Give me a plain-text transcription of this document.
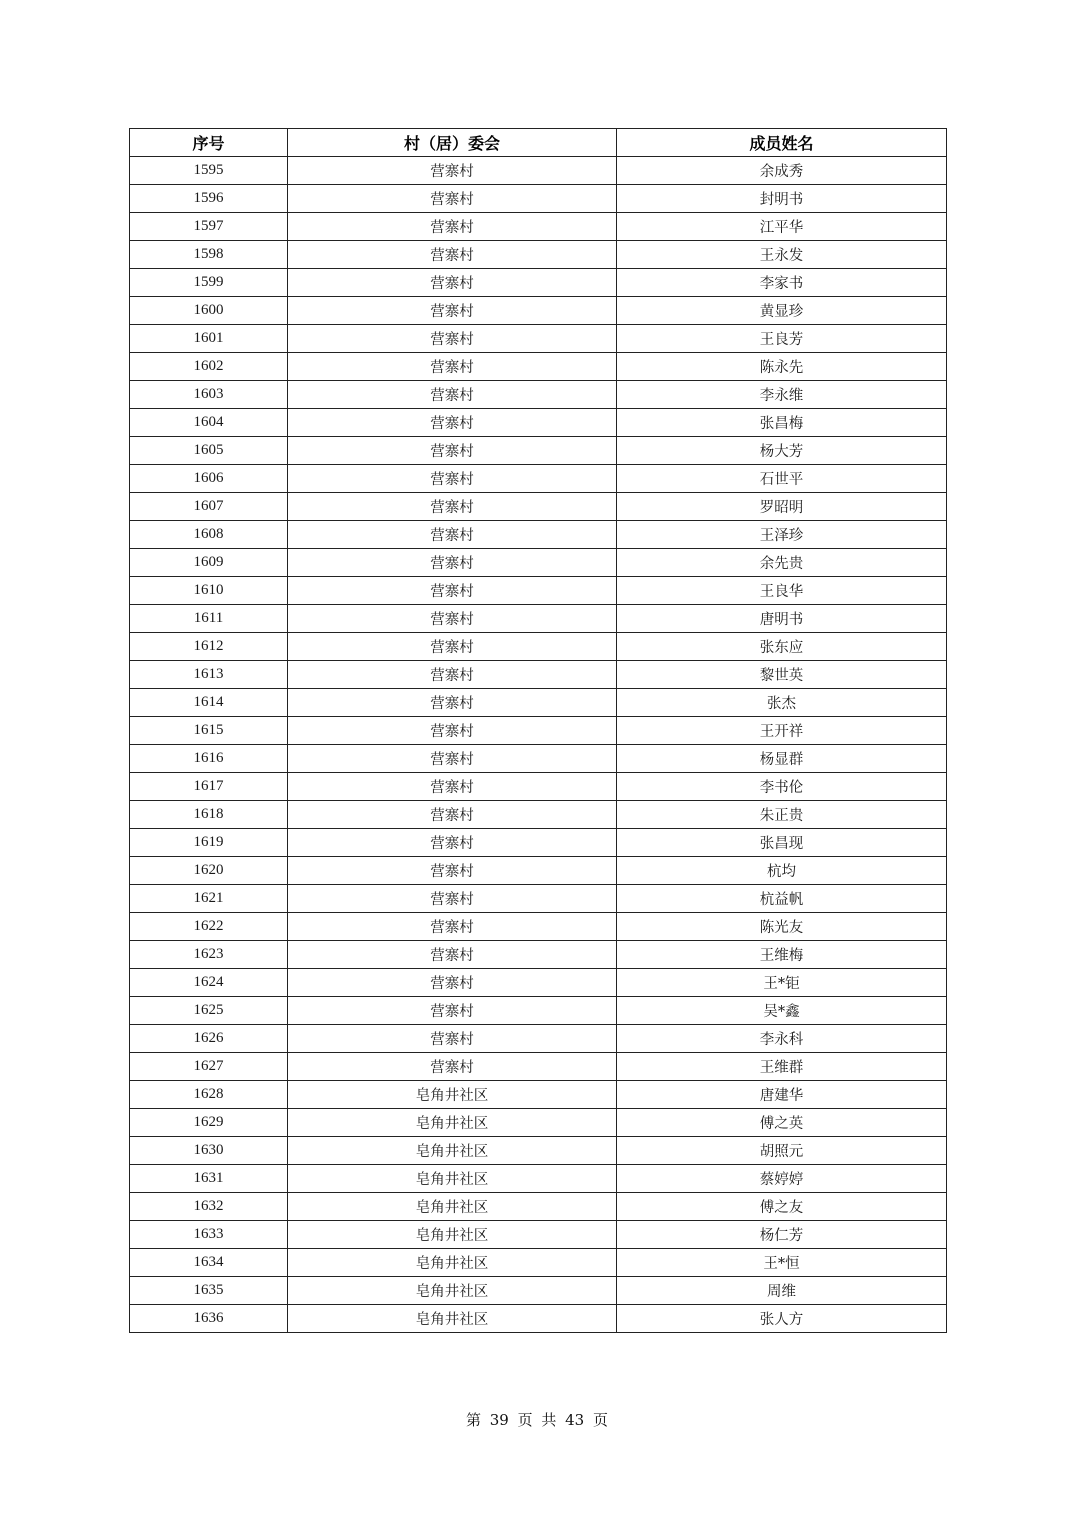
序号	村（居）委会	成员姓名
1595	营寨村	余成秀
1596	营寨村	封明书
1597	营寨村	江平华
1598	营寨村	王永发
1599	营寨村	李家书
1600	营寨村	黄显珍
1601	营寨村	王良芳
1602	营寨村	陈永先
1603	营寨村	李永维
1604	营寨村	张昌梅
1605	营寨村	杨大芳
1606	营寨村	石世平
1607	营寨村	罗昭明
1608	营寨村	王泽珍
1609	营寨村	余先贵
1610	营寨村	王良华
1611	营寨村	唐明书
1612	营寨村	张东应
1613	营寨村	黎世英
1614	营寨村	张杰
1615	营寨村	王开祥
1616	营寨村	杨显群
1617	营寨村	李书伦
1618	营寨村	朱正贵
1619	营寨村	张昌现
1620	营寨村	杭均
1621	营寨村	杭益帆
1622	营寨村	陈光友
1623	营寨村	王维梅
1624	营寨村	王*钜
1625	营寨村	吴*鑫
1626	营寨村	李永科
1627	营寨村	王维群
1628	皂角井社区	唐建华
1629	皂角井社区	傅之英
1630	皂角井社区	胡照元
1631	皂角井社区	蔡婷婷
1632	皂角井社区	傅之友
1633	皂角井社区	杨仁芳
1634	皂角井社区	王*恒
1635	皂角井社区	周维
1636	皂角井社区	张人方
第 39 页 共 43 页
